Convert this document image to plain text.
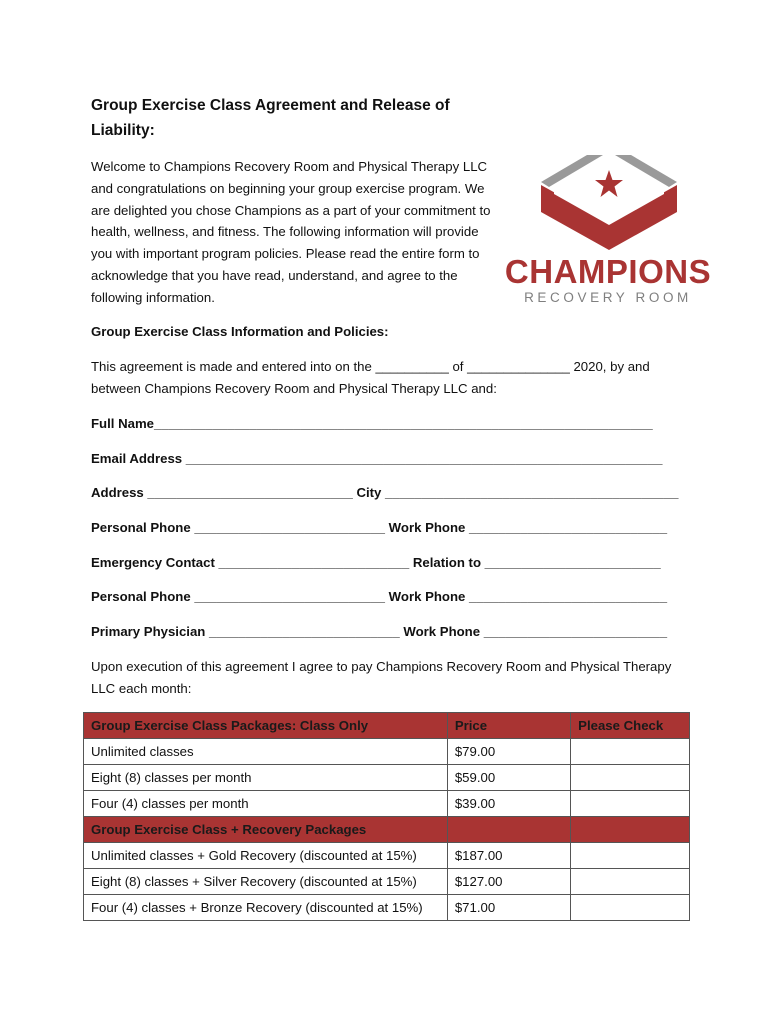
Group Exercise Class Agreement and Release of Liability:
Welcome to Champions Recovery Room and Physical Therapy LLC and congratulations on beginning your group exercise program. We are delighted you chose Champions as a part of your commitment to health, wellness, and fitness. The following information will provide you with important program policies. Please read the entire form to acknowledge that you have read, understand, and agree to the following information.
CHAMPIONS
RECOVERY ROOM
Group Exercise Class Information and Policies:
This agreement is made and entered into on the __________ of ______________ 2020, by and between Champions Recovery Room and Physical Therapy LLC and:
Full Name____________________________________________________________________
Email Address _________________________________________________________________
Address ____________________________ City ________________________________________
Personal Phone __________________________ Work Phone ___________________________
Emergency Contact __________________________ Relation to ________________________
Personal Phone __________________________ Work Phone ___________________________
Primary Physician __________________________ Work Phone _________________________
Upon execution of this agreement I agree to pay Champions Recovery Room and Physical Therapy LLC each month:
Group Exercise Class Packages: Class Only	Price	Please Check
Unlimited classes	$79.00	
Eight (8) classes per month	$59.00	
Four (4) classes per month	$39.00	
Group Exercise Class + Recovery Packages		
Unlimited classes + Gold Recovery (discounted at 15%)	$187.00	
Eight (8) classes + Silver Recovery (discounted at 15%)	$127.00	
Four (4) classes + Bronze Recovery (discounted at 15%)	$71.00	
